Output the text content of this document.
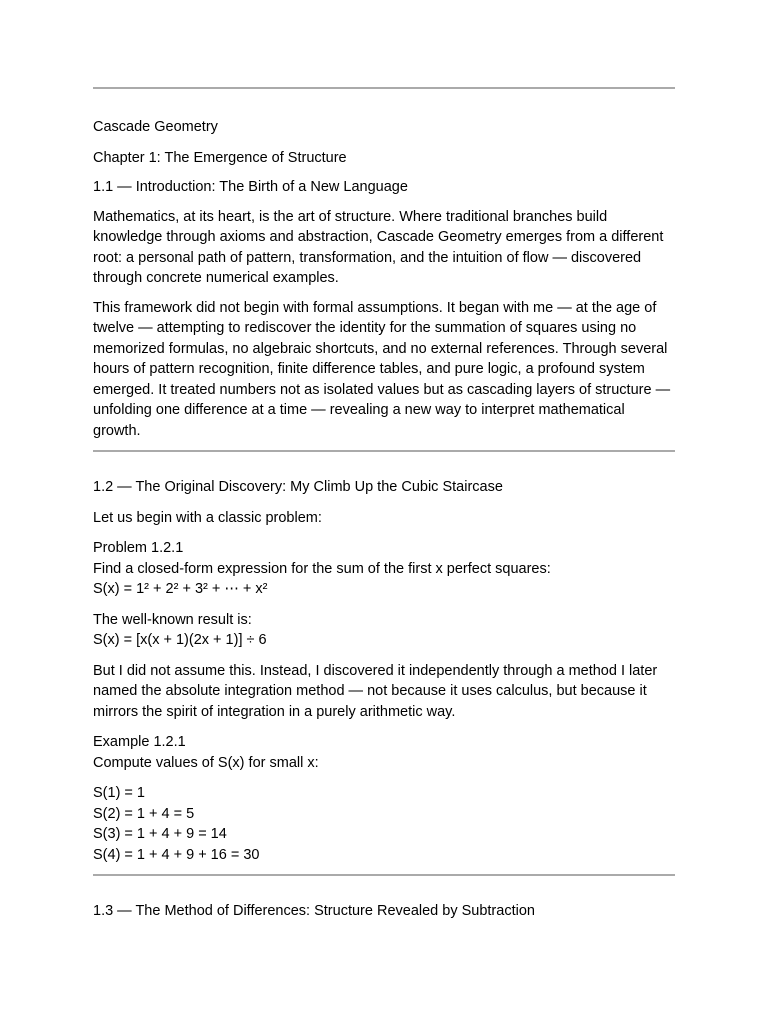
Cascade Geometry

Chapter 1: The Emergence of Structure

1.1 — Introduction: The Birth of a New Language

Mathematics, at its heart, is the art of structure. Where traditional branches build knowledge through axioms and abstraction, Cascade Geometry emerges from a different root: a personal path of pattern, transformation, and the intuition of flow — discovered through concrete numerical examples.

This framework did not begin with formal assumptions. It began with me — at the age of twelve — attempting to rediscover the identity for the summation of squares using no memorized formulas, no algebraic shortcuts, and no external references. Through several hours of pattern recognition, finite difference tables, and pure logic, a profound system emerged. It treated numbers not as isolated values but as cascading layers of structure — unfolding one difference at a time — revealing a new way to interpret mathematical growth.

1.2 — The Original Discovery: My Climb Up the Cubic Staircase

Let us begin with a classic problem:

Problem 1.2.1
Find a closed-form expression for the sum of the first x perfect squares:
S(x) = 1² + 2² + 3² + ⋯ + x²
The well-known result is:
S(x) = [x(x + 1)(2x + 1)] ÷ 6

But I did not assume this. Instead, I discovered it independently through a method I later named the absolute integration method — not because it uses calculus, but because it mirrors the spirit of integration in a purely arithmetic way.

Example 1.2.1
Compute values of S(x) for small x:
S(1) = 1
S(2) = 1 + 4 = 5
S(3) = 1 + 4 + 9 = 14
S(4) = 1 + 4 + 9 + 16 = 30

1.3 — The Method of Differences: Structure Revealed by Subtraction
